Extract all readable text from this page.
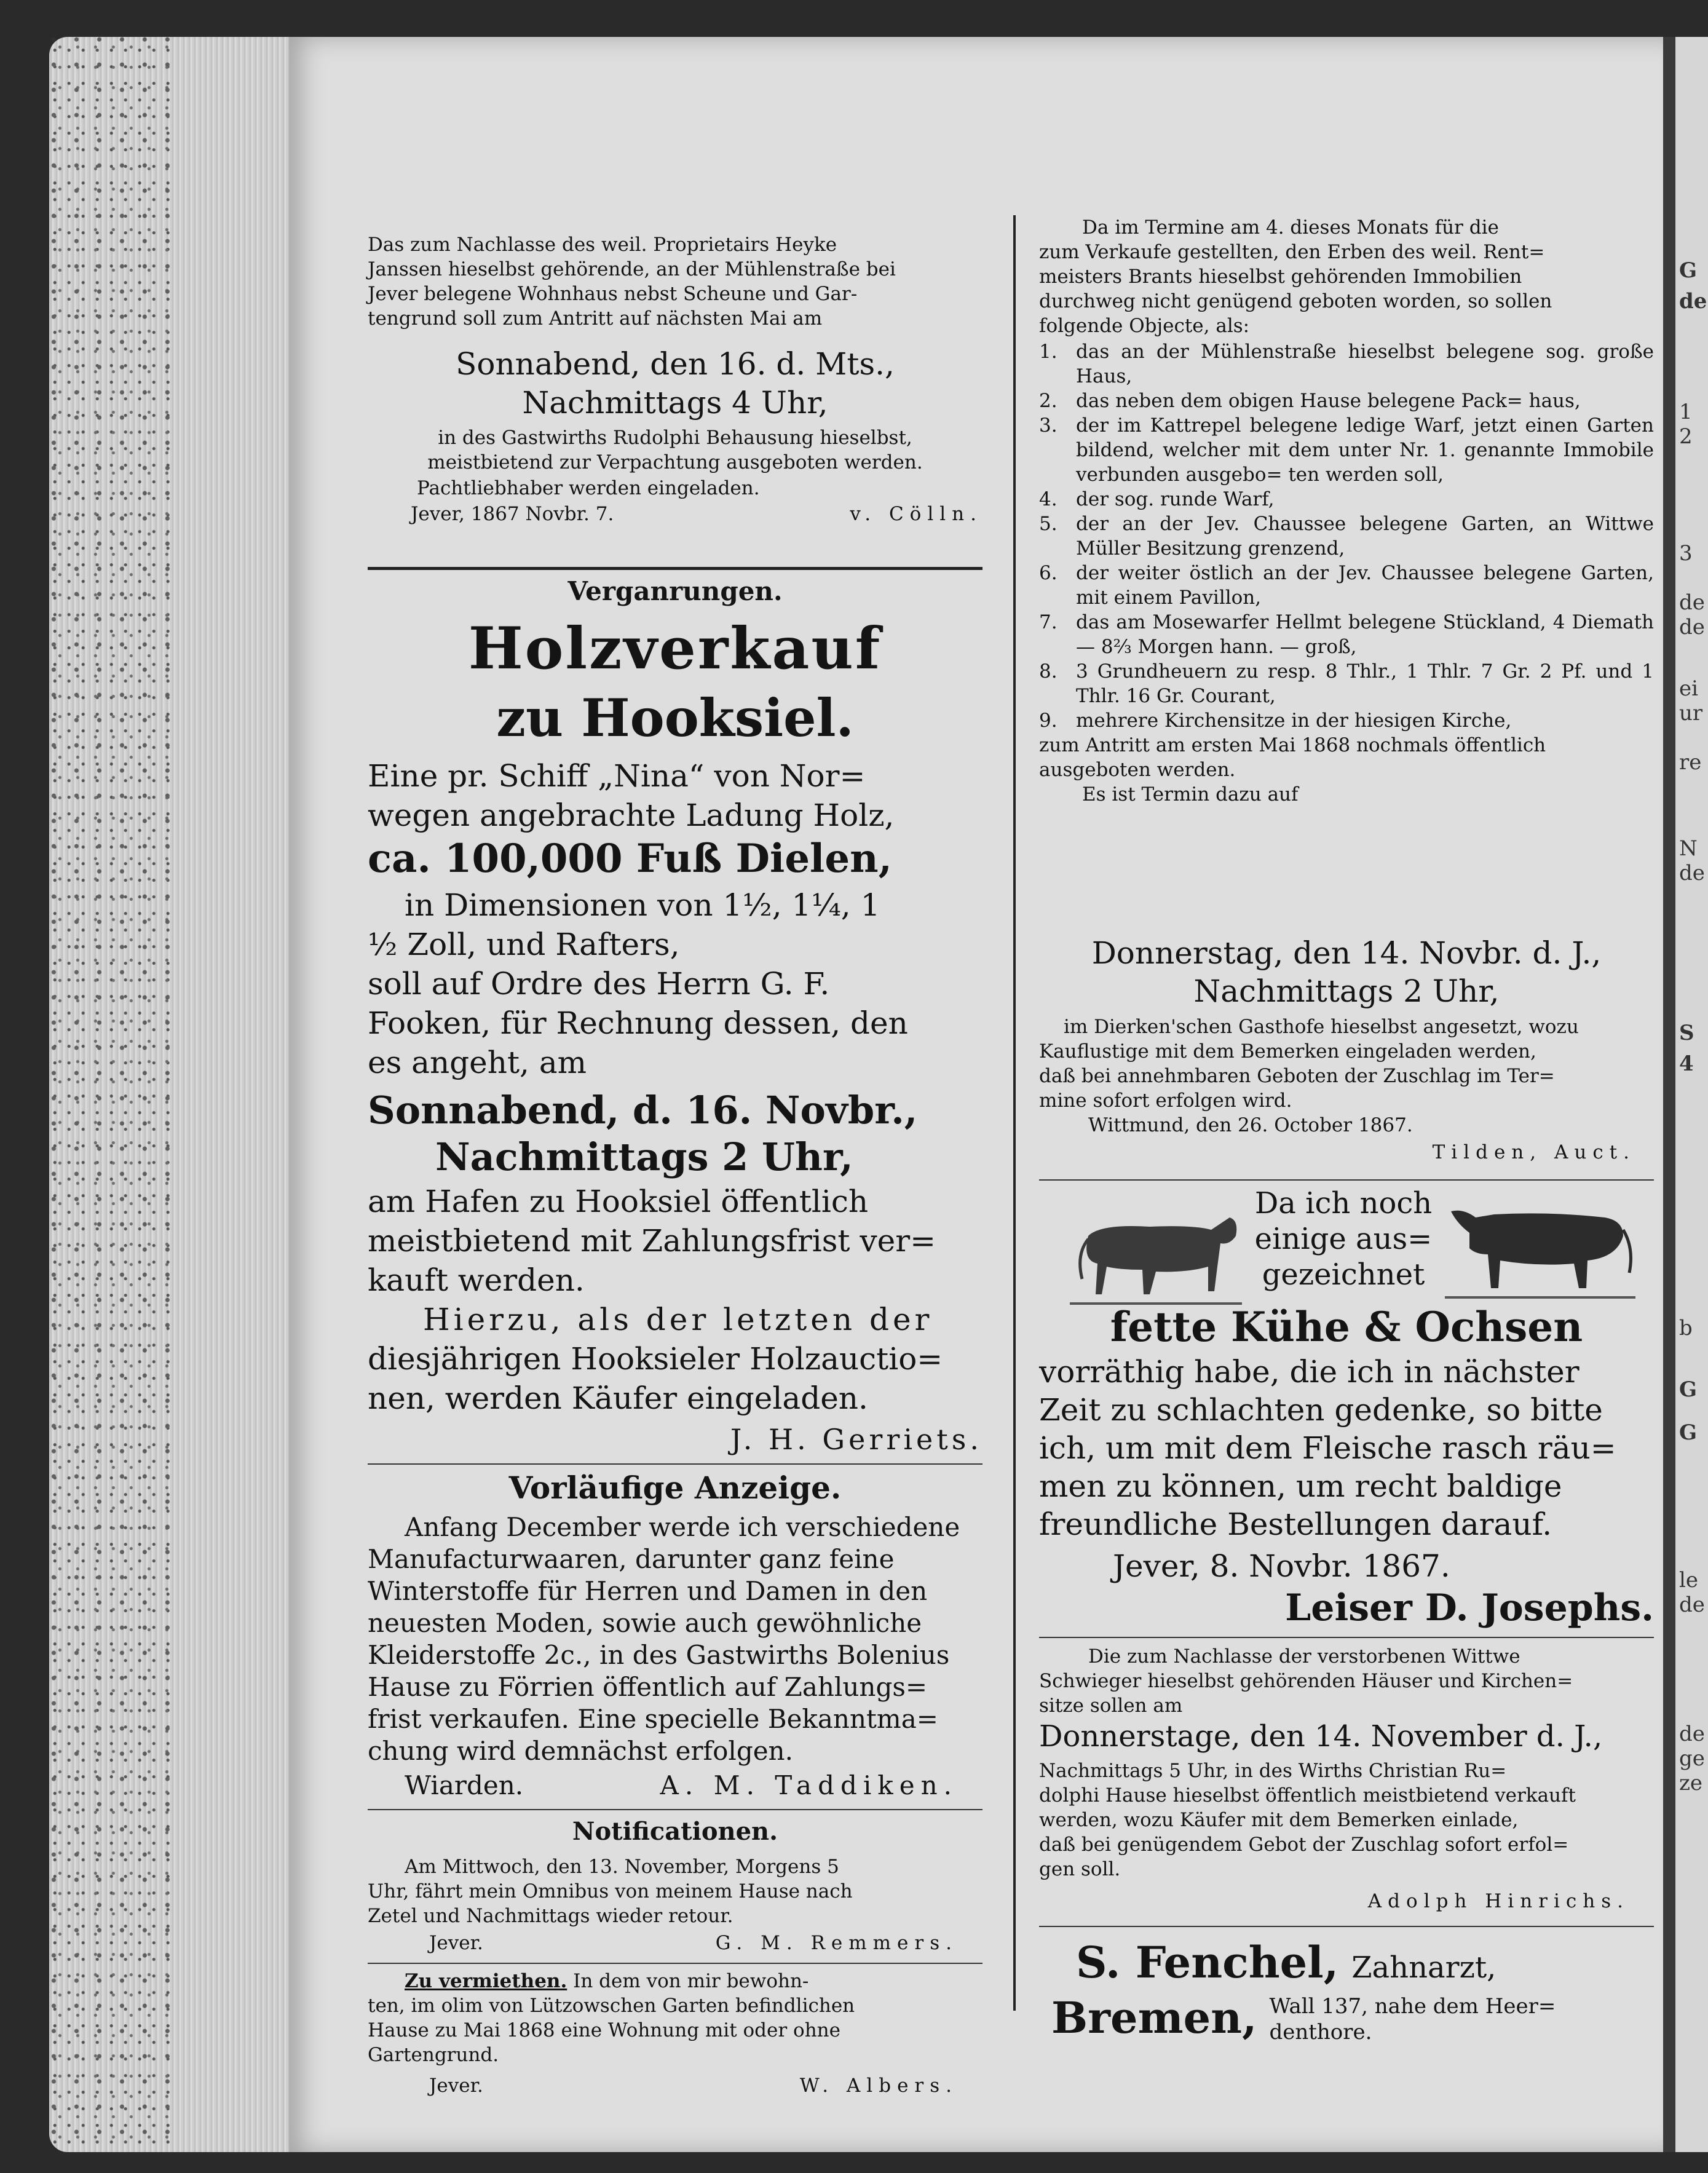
G
de
1
2
3
de
de
ei
ur
re
N
de
S
4
b
G
G
le
de
de
ge
ze

Das zum Nachlasse des weil. Proprietairs Heyke

Janssen hieselbst gehörende, an der Mühlenstraße bei

Jever belegene Wohnhaus nebst Scheune und Gar-

tengrund soll zum Antritt auf nächsten Mai am

Sonnabend, den 16. d. Mts.,
Nachmittags 4 Uhr,

in des Gastwirths Rudolphi Behausung hieselbst,

meistbietend zur Verpachtung ausgeboten werden.

Pachtliebhaber werden eingeladen.
Jever, 1867 Novbr. 7.	v. Cölln.
Verganrungen.
Holzverkauf
zu Hooksiel.

Eine pr. Schiff „Nina“ von Nor=

wegen angebrachte Ladung Holz,

ca. 100,000 Fuß Dielen,

in Dimensionen von 1½, 1¼, 1

½ Zoll, und Rafters,

soll auf Ordre des Herrn G. F.

Fooken, für Rechnung dessen, den

es angeht, am

Sonnabend, d. 16. Novbr.,
Nachmittags 2 Uhr,

am Hafen zu Hooksiel öffentlich

meistbietend mit Zahlungsfrist ver=

kauft werden.

Hierzu, als der letzten der

diesjährigen Hooksieler Holzauctio=

nen, werden Käufer eingeladen.

J. H. Gerriets.
Vorläufige Anzeige.

Anfang December werde ich verschiedene

Manufacturwaaren, darunter ganz feine

Winterstoffe für Herren und Damen in den

neuesten Moden, sowie auch gewöhnliche

Kleiderstoffe 2c., in des Gastwirths Bolenius

Hause zu Förrien öffentlich auf Zahlungs=

frist verkaufen. Eine specielle Bekanntma=

chung wird demnächst erfolgen.

Wiarden.	A. M. Taddiken.
Notificationen.

Am Mittwoch, den 13. November, Morgens 5

Uhr, fährt mein Omnibus von meinem Hause nach

Zetel und Nachmittags wieder retour.

Jever.	G. M. Remmers.

Zu vermiethen. In dem von mir bewohn-

ten, im olim von Lützowschen Garten befindlichen

Hause zu Mai 1868 eine Wohnung mit oder ohne

Gartengrund.

Jever.	W. Albers.

Da im Termine am 4. dieses Monats für die

zum Verkaufe gestellten, den Erben des weil. Rent=

meisters Brants hieselbst gehörenden Immobilien

durchweg nicht genügend geboten worden, so sollen

folgende Objecte, als:

1. das an der Mühlenstraße hieselbst belegene sog. große Haus,
2. das neben dem obigen Hause belegene Pack= haus,
3. der im Kattrepel belegene ledige Warf, jetzt einen Garten bildend, welcher mit dem unter Nr. 1. genannte Immobile verbunden ausgebo= ten werden soll,
4. der sog. runde Warf,
5. der an der Jev. Chaussee belegene Garten, an Wittwe Müller Besitzung grenzend,
6. der weiter östlich an der Jev. Chaussee belegene Garten, mit einem Pavillon,
7. das am Mosewarfer Hellmt belegene Stückland, 4 Diemath — 8⅔ Morgen hann. — groß,
8. 3 Grundheuern zu resp. 8 Thlr., 1 Thlr. 7 Gr. 2 Pf. und 1 Thlr. 16 Gr. Courant,
9. mehrere Kirchensitze in der hiesigen Kirche,

zum Antritt am ersten Mai 1868 nochmals öffentlich

ausgeboten werden.

Es ist Termin dazu auf

Donnerstag, den 14. Novbr. d. J.,
Nachmittags 2 Uhr,

im Dierken'schen Gasthofe hieselbst angesetzt, wozu

Kauflustige mit dem Bemerken eingeladen werden,

daß bei annehmbaren Geboten der Zuschlag im Ter=

mine sofort erfolgen wird.

Wittmund, den 26. October 1867.

Tilden, Auct.
Da ich noch
einige aus=
gezeichnet
fette Kühe & Ochsen

vorräthig habe, die ich in nächster

Zeit zu schlachten gedenke, so bitte

ich, um mit dem Fleische rasch räu=

men zu können, um recht baldige

freundliche Bestellungen darauf.

Jever, 8. Novbr. 1867.
Leiser D. Josephs.

Die zum Nachlasse der verstorbenen Wittwe

Schwieger hieselbst gehörenden Häuser und Kirchen=

sitze sollen am

Donnerstage, den 14. November d. J.,

Nachmittags 5 Uhr, in des Wirths Christian Ru=

dolphi Hause hieselbst öffentlich meistbietend verkauft

werden, wozu Käufer mit dem Bemerken einlade,

daß bei genügendem Gebot der Zuschlag sofort erfol=

gen soll.

Adolph Hinrichs.
S. Fenchel, Zahnarzt,
Bremen, Wall 137, nahe dem Heer=
denthore.
